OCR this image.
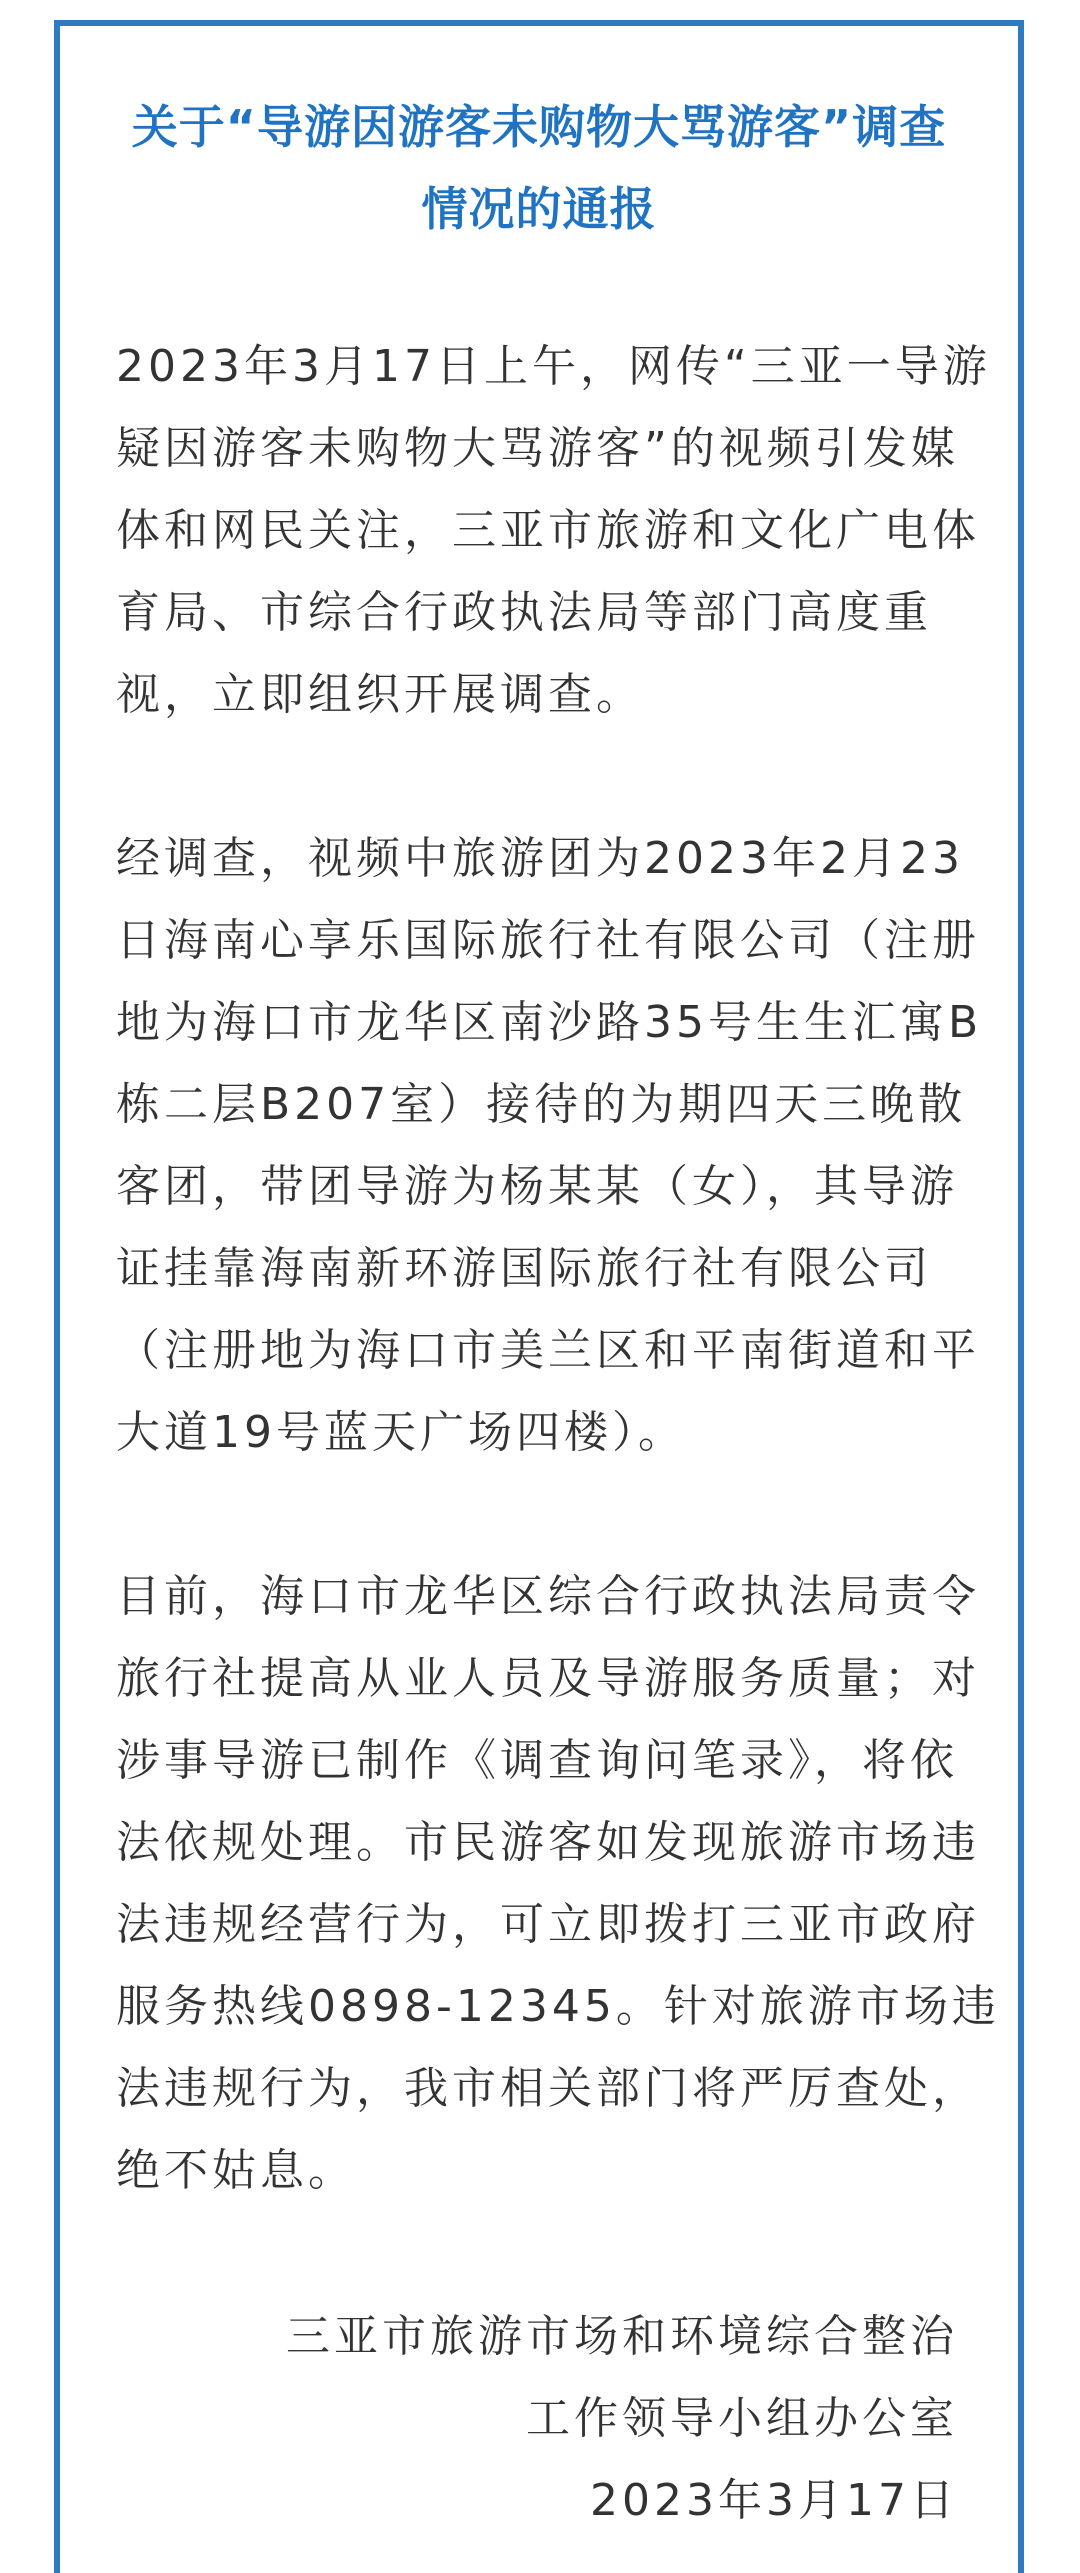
关于“导游因游客未购物大骂游客”调查
情况的通报
2023年3月17日上午，网传“三亚一导游
疑因游客未购物大骂游客”的视频引发媒
体和网民关注，三亚市旅游和文化广电体
育局、市综合行政执法局等部门高度重
视，立即组织开展调查。
经调查，视频中旅游团为2023年2月23
日海南心享乐国际旅行社有限公司（注册
地为海口市龙华区南沙路35号生生汇寓B
栋二层B207室）接待的为期四天三晚散
客团，带团导游为杨某某（女），其导游
证挂靠海南新环游国际旅行社有限公司
（注册地为海口市美兰区和平南街道和平
大道19号蓝天广场四楼）。
目前，海口市龙华区综合行政执法局责令
旅行社提高从业人员及导游服务质量；对
涉事导游已制作《调查询问笔录》，将依
法依规处理。市民游客如发现旅游市场违
法违规经营行为，可立即拨打三亚市政府
服务热线0898-12345。针对旅游市场违
法违规行为，我市相关部门将严厉查处，
绝不姑息。
三亚市旅游市场和环境综合整治
工作领导小组办公室
2023年3月17日
